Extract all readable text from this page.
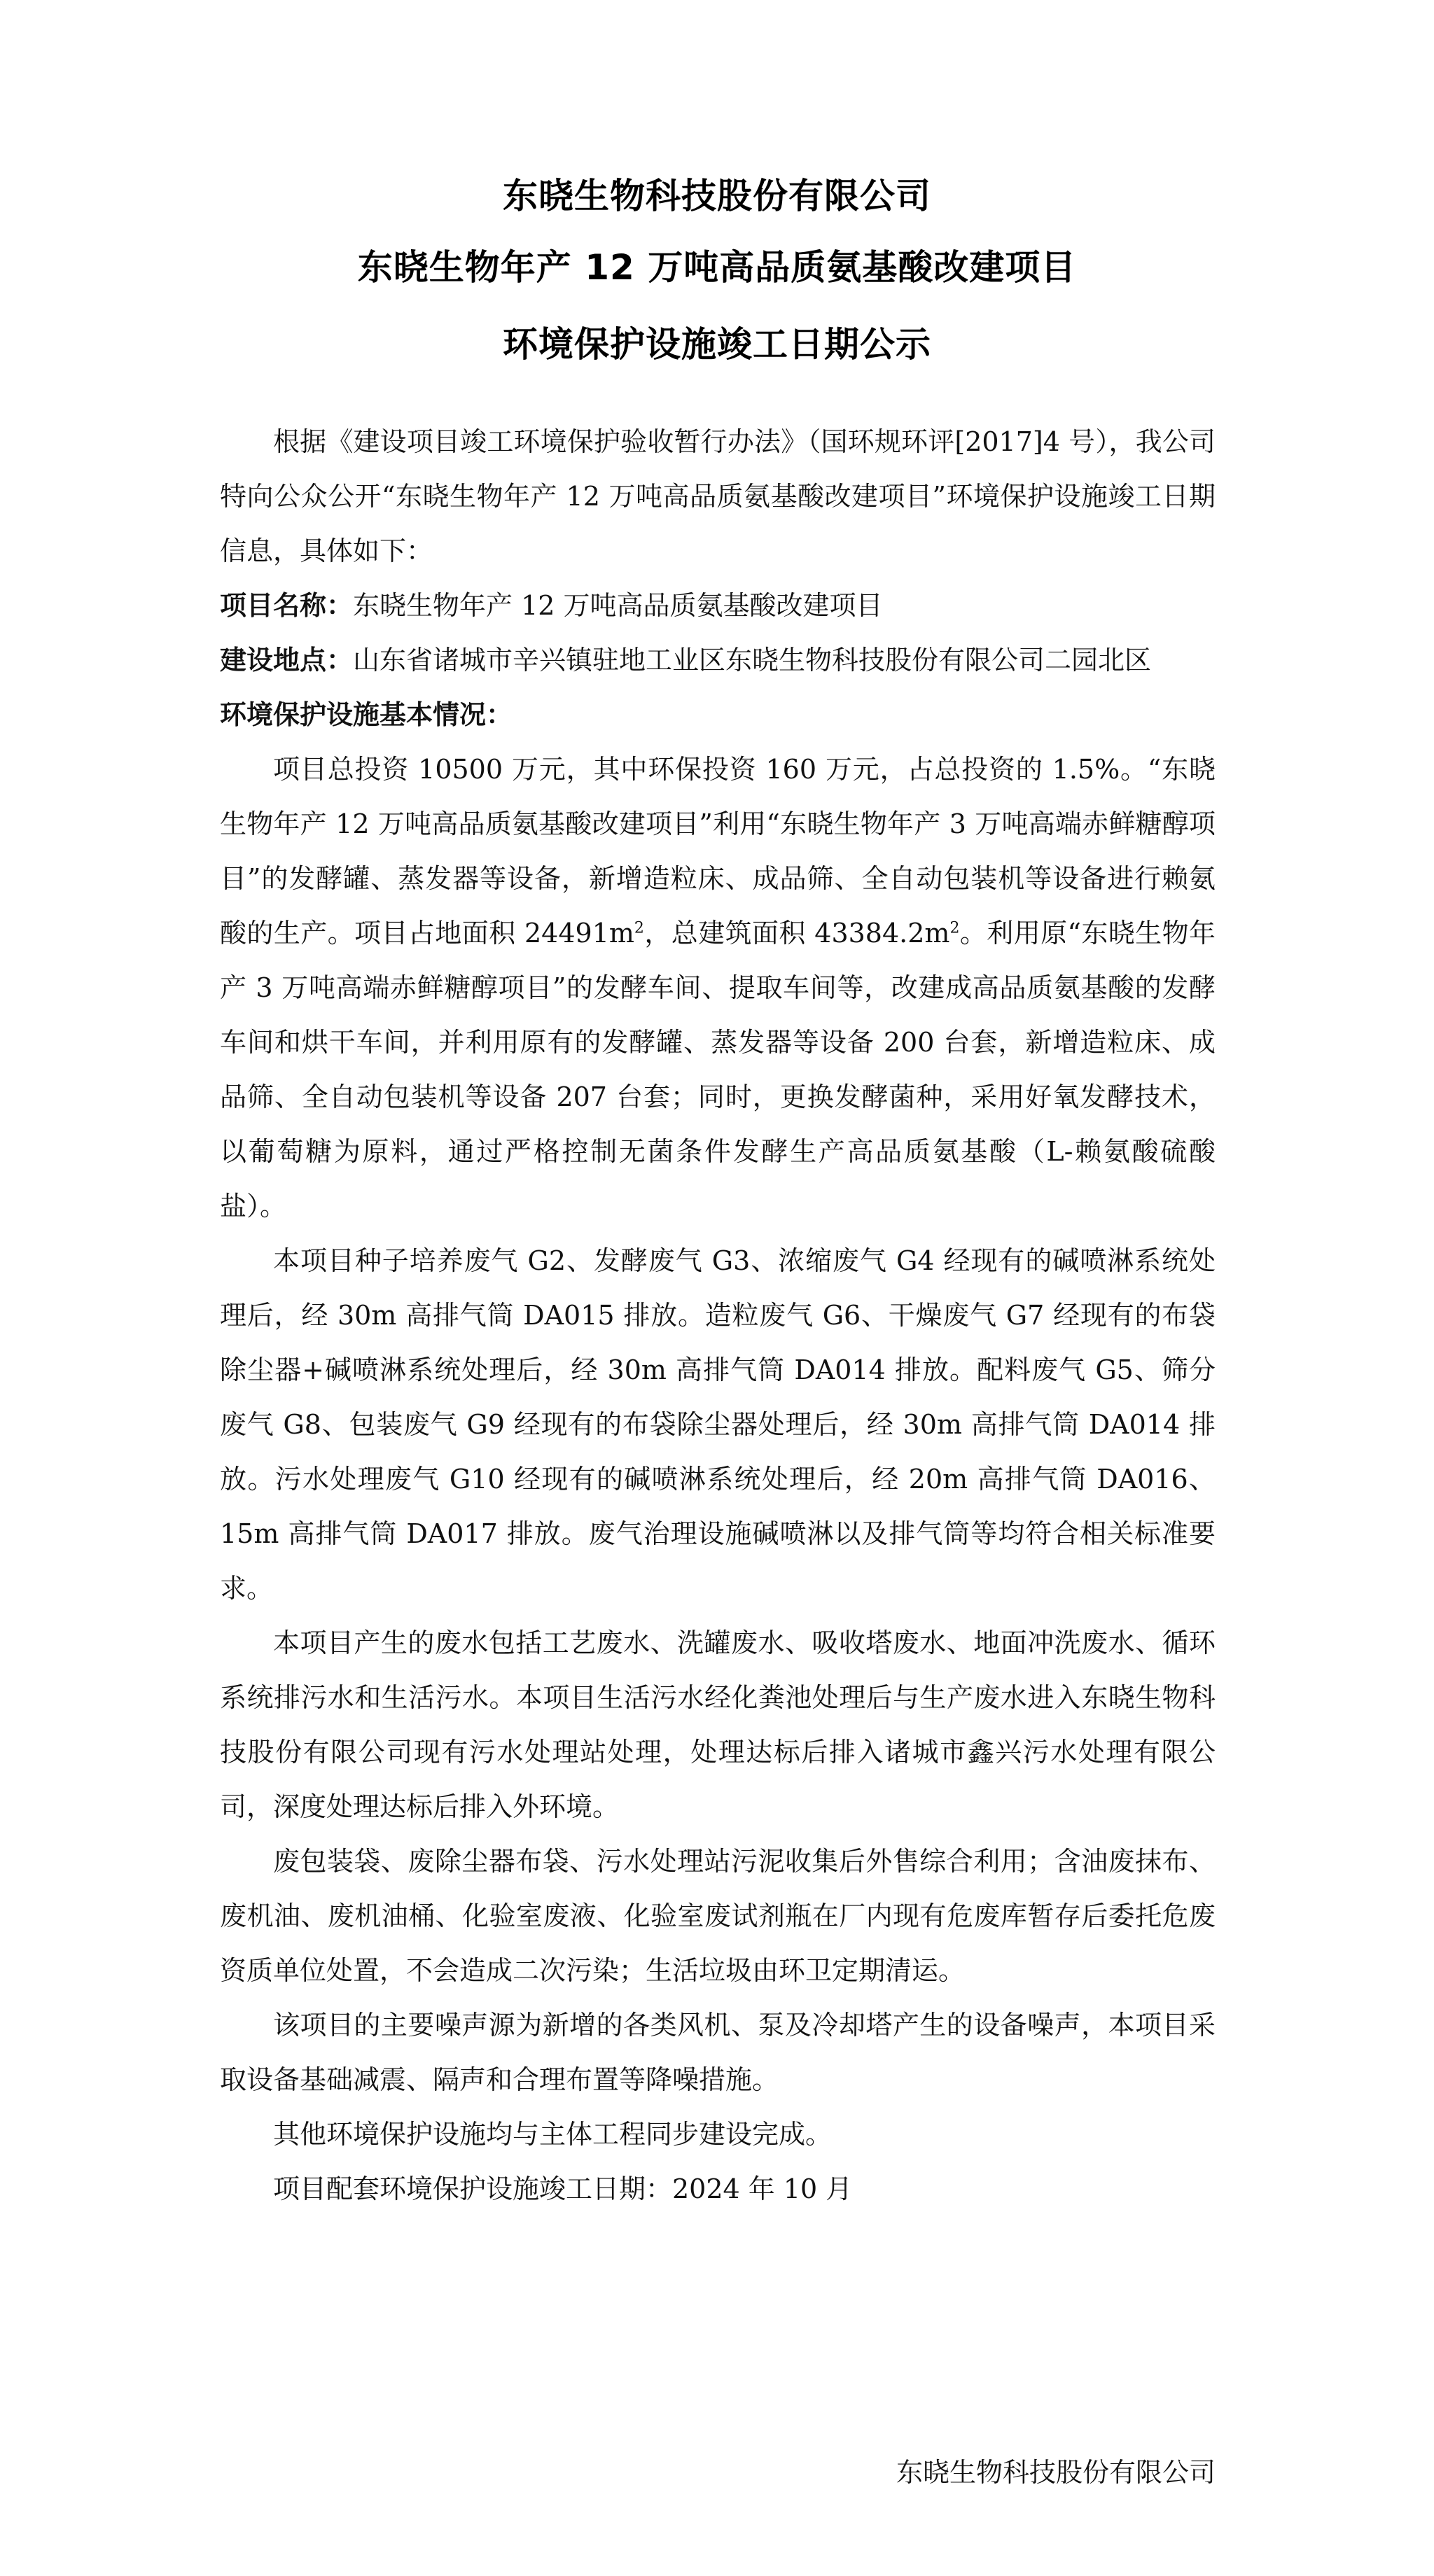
东晓生物科技股份有限公司
东晓生物年产 12 万吨高品质氨基酸改建项目
环境保护设施竣工日期公示

根据《建设项目竣工环境保护验收暂行办法》（国环规环评[2017]4 号），我公司特向公众公开“东晓生物年产 12 万吨高品质氨基酸改建项目”环境保护设施竣工日期信息，具体如下：

项目名称：东晓生物年产 12 万吨高品质氨基酸改建项目

建设地点：山东省诸城市辛兴镇驻地工业区东晓生物科技股份有限公司二园北区

环境保护设施基本情况：

项目总投资 10500 万元，其中环保投资 160 万元，占总投资的 1.5%。“东晓生物年产 12 万吨高品质氨基酸改建项目”利用“东晓生物年产 3 万吨高端赤鲜糖醇项目”的发酵罐、蒸发器等设备，新增造粒床、成品筛、全自动包装机等设备进行赖氨酸的生产。项目占地面积 $24491m^2$，总建筑面积 $43384.2m^2$。利用原“东晓生物年产 3 万吨高端赤鲜糖醇项目”的发酵车间、提取车间等，改建成高品质氨基酸的发酵车间和烘干车间，并利用原有的发酵罐、蒸发器等设备 200 台套，新增造粒床、成品筛、全自动包装机等设备 207 台套；同时，更换发酵菌种，采用好氧发酵技术，以葡萄糖为原料，通过严格控制无菌条件发酵生产高品质氨基酸（L-赖氨酸硫酸盐）。

本项目种子培养废气 G2、发酵废气 G3、浓缩废气 G4 经现有的碱喷淋系统处理后，经 30m 高排气筒 DA015 排放。造粒废气 G6、干燥废气 G7 经现有的布袋除尘器+碱喷淋系统处理后，经 30m 高排气筒 DA014 排放。配料废气 G5、筛分废气 G8、包装废气 G9 经现有的布袋除尘器处理后，经 30m 高排气筒 DA014 排放。污水处理废气 G10 经现有的碱喷淋系统处理后，经 20m 高排气筒 DA016、15m 高排气筒 DA017 排放。废气治理设施碱喷淋以及排气筒等均符合相关标准要求。

本项目产生的废水包括工艺废水、洗罐废水、吸收塔废水、地面冲洗废水、循环系统排污水和生活污水。本项目生活污水经化粪池处理后与生产废水进入东晓生物科技股份有限公司现有污水处理站处理，处理达标后排入诸城市鑫兴污水处理有限公司，深度处理达标后排入外环境。

废包装袋、废除尘器布袋、污水处理站污泥收集后外售综合利用；含油废抹布、废机油、废机油桶、化验室废液、化验室废试剂瓶在厂内现有危废库暂存后委托危废资质单位处置，不会造成二次污染；生活垃圾由环卫定期清运。

该项目的主要噪声源为新增的各类风机、泵及冷却塔产生的设备噪声，本项目采取设备基础减震、隔声和合理布置等降噪措施。

其他环境保护设施均与主体工程同步建设完成。

项目配套环境保护设施竣工日期：2024 年 10 月

东晓生物科技股份有限公司
